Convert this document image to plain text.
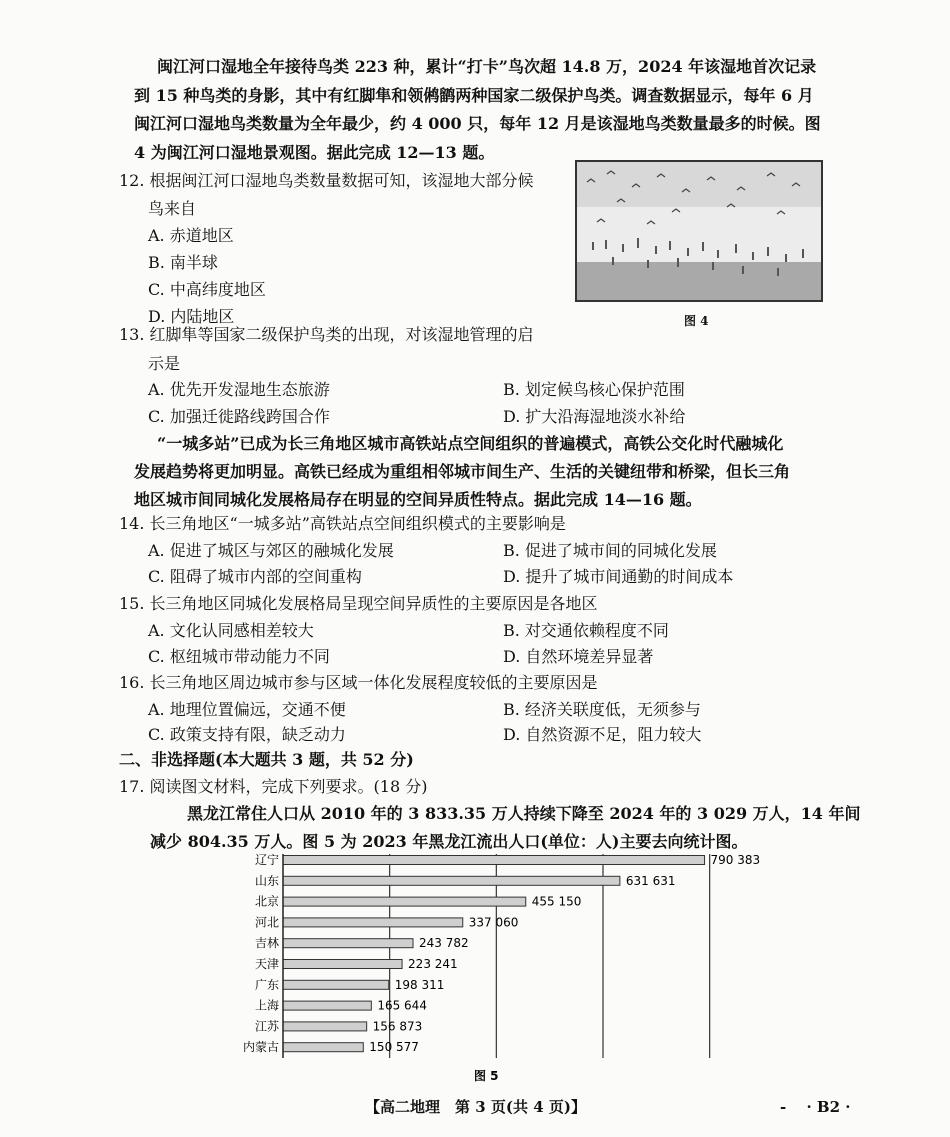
闽江河口湿地全年接待鸟类 223 种，累计“打卡”鸟次超 14.8 万，2024 年该湿地首次记录
到 15 种鸟类的身影，其中有红脚隼和领鸺鹠两种国家二级保护鸟类。调查数据显示，每年 6 月
闽江河口湿地鸟类数量为全年最少，约 4 000 只，每年 12 月是该湿地鸟类数量最多的时候。图
4 为闽江河口湿地景观图。据此完成 12—13 题。
12. 根据闽江河口湿地鸟类数量数据可知，该湿地大部分候
鸟来自
A. 赤道地区
B. 南半球
C. 中高纬度地区
D. 内陆地区	图 4
13. 红脚隼等国家二级保护鸟类的出现，对该湿地管理的启
示是
A. 优先开发湿地生态旅游	B. 划定候鸟核心保护范围
C. 加强迁徙路线跨国合作	D. 扩大沿海湿地淡水补给
“一城多站”已成为长三角地区城市高铁站点空间组织的普遍模式，高铁公交化时代融城化
发展趋势将更加明显。高铁已经成为重组相邻城市间生产、生活的关键纽带和桥梁，但长三角
地区城市间同城化发展格局存在明显的空间异质性特点。据此完成 14—16 题。
14. 长三角地区“一城多站”高铁站点空间组织模式的主要影响是
A. 促进了城区与郊区的融城化发展	B. 促进了城市间的同城化发展
C. 阻碍了城市内部的空间重构	D. 提升了城市间通勤的时间成本
15. 长三角地区同城化发展格局呈现空间异质性的主要原因是各地区
A. 文化认同感相差较大	B. 对交通依赖程度不同
C. 枢纽城市带动能力不同	D. 自然环境差异显著
16. 长三角地区周边城市参与区域一体化发展程度较低的主要原因是
A. 地理位置偏远，交通不便	B. 经济关联度低，无须参与
C. 政策支持有限，缺乏动力	D. 自然资源不足，阻力较大
二、非选择题(本大题共 3 题，共 52 分)
17. 阅读图文材料，完成下列要求。(18 分)
黑龙江常住人口从 2010 年的 3 833.35 万人持续下降至 2024 年的 3 029 万人，14 年间
减少 804.35 万人。图 5 为 2023 年黑龙江流出人口(单位：人)主要去向统计图。
辽宁
山东
北京
河北
吉林
天津
广东
上海
江苏
内蒙古
790 383
631 631
455 150
337 060
243 782
223 241
198 311
165 644
156 873
150 577
图 5
【高二地理　第 3 页(共 4 页)】	- 　· B2 ·
